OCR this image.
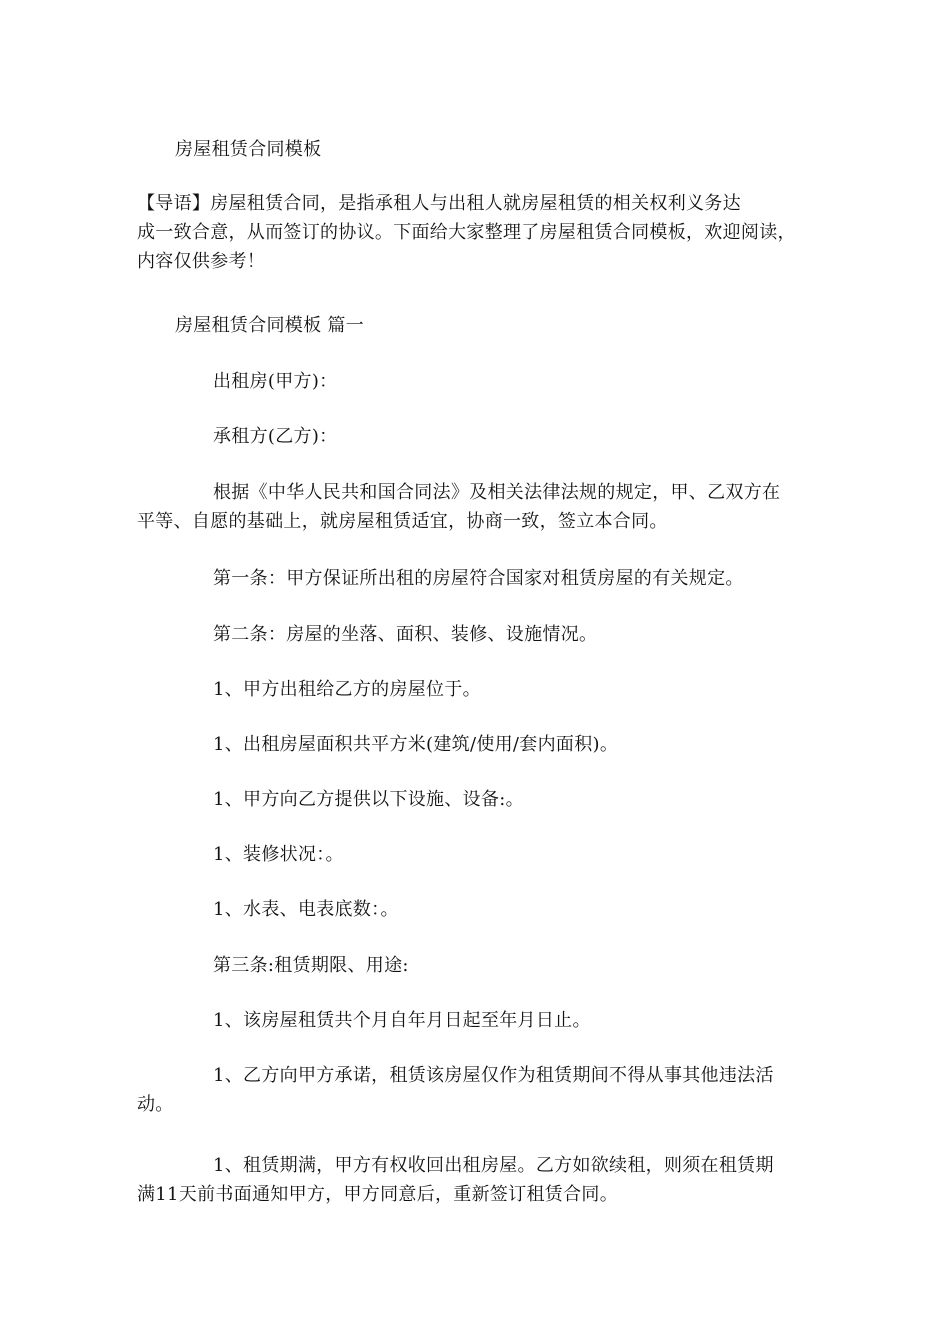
房屋租赁合同模板
【导语】房屋租赁合同，是指承租人与出租人就房屋租赁的相关权利义务达
成一致合意，从而签订的协议。下面给大家整理了房屋租赁合同模板，欢迎阅读，
内容仅供参考！
房屋租赁合同模板 篇一
出租房(甲方)：
承租方(乙方)：
根据《中华人民共和国合同法》及相关法律法规的规定，甲、乙双方在
平等、自愿的基础上，就房屋租赁适宜，协商一致，签立本合同。
第一条：甲方保证所出租的房屋符合国家对租赁房屋的有关规定。
第二条：房屋的坐落、面积、装修、设施情况。
1、甲方出租给乙方的房屋位于。
1、出租房屋面积共平方米(建筑/使用/套内面积)。
1、甲方向乙方提供以下设施、设备:。
1、装修状况：。
1、水表、电表底数：。
第三条:租赁期限、用途:
1、该房屋租赁共个月自年月日起至年月日止。
1、乙方向甲方承诺，租赁该房屋仅作为租赁期间不得从事其他违法活
动。
1、租赁期满，甲方有权收回出租房屋。乙方如欲续租，则须在租赁期
满11天前书面通知甲方，甲方同意后，重新签订租赁合同。
